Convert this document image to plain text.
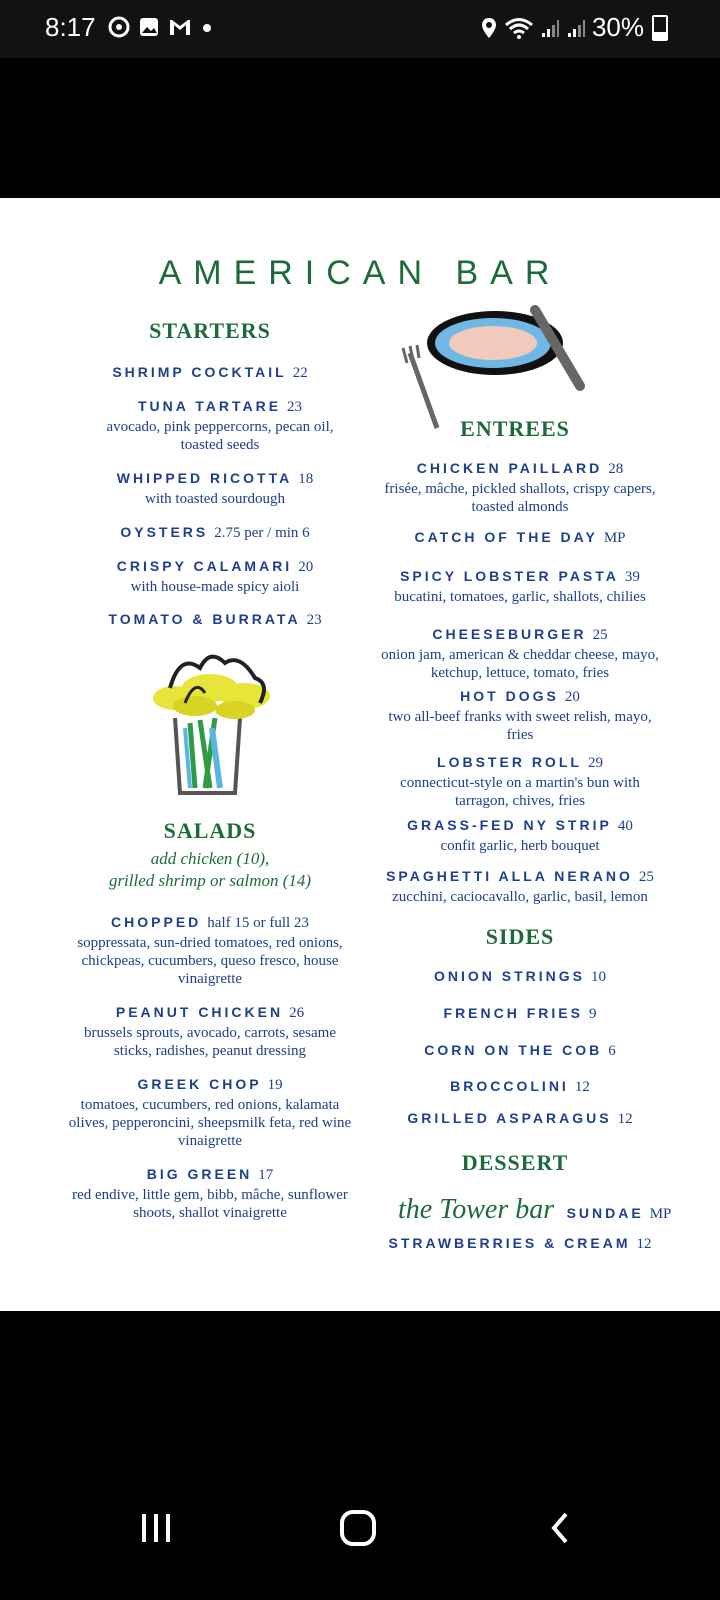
8:17	30%
AMERICAN BAR
STARTERS
SHRIMP COCKTAIL 22
TUNA TARTARE 23
avocado, pink peppercorns, pecan oil, toasted seeds
WHIPPED RICOTTA 18
with toasted sourdough
OYSTERS 2.75 per / min 6
CRISPY CALAMARI 20
with house-made spicy aioli
TOMATO & BURRATA 23
SALADS
add chicken (10),
grilled shrimp or salmon (14)
CHOPPED half 15 or full 23
soppressata, sun-dried tomatoes, red onions, chickpeas, cucumbers, queso fresco, house vinaigrette
PEANUT CHICKEN 26
brussels sprouts, avocado, carrots, sesame sticks, radishes, peanut dressing
GREEK CHOP 19
tomatoes, cucumbers, red onions, kalamata olives, pepperoncini, sheepsmilk feta, red wine vinaigrette
BIG GREEN 17
red endive, little gem, bibb, mâche, sunflower shoots, shallot vinaigrette
ENTREES
CHICKEN PAILLARD 28
frisée, mâche, pickled shallots, crispy capers, toasted almonds
CATCH OF THE DAY MP
SPICY LOBSTER PASTA 39
bucatini, tomatoes, garlic, shallots, chilies
CHEESEBURGER 25
onion jam, american & cheddar cheese, mayo, ketchup, lettuce, tomato, fries
HOT DOGS 20
two all-beef franks with sweet relish, mayo, fries
LOBSTER ROLL 29
connecticut-style on a martin's bun with tarragon, chives, fries
GRASS-FED NY STRIP 40
confit garlic, herb bouquet
SPAGHETTI ALLA NERANO 25
zucchini, caciocavallo, garlic, basil, lemon
SIDES
ONION STRINGS 10
FRENCH FRIES 9
CORN ON THE COB 6
BROCCOLINI 12
GRILLED ASPARAGUS 12
DESSERT
the Tower bar SUNDAE MP
STRAWBERRIES & CREAM 12
